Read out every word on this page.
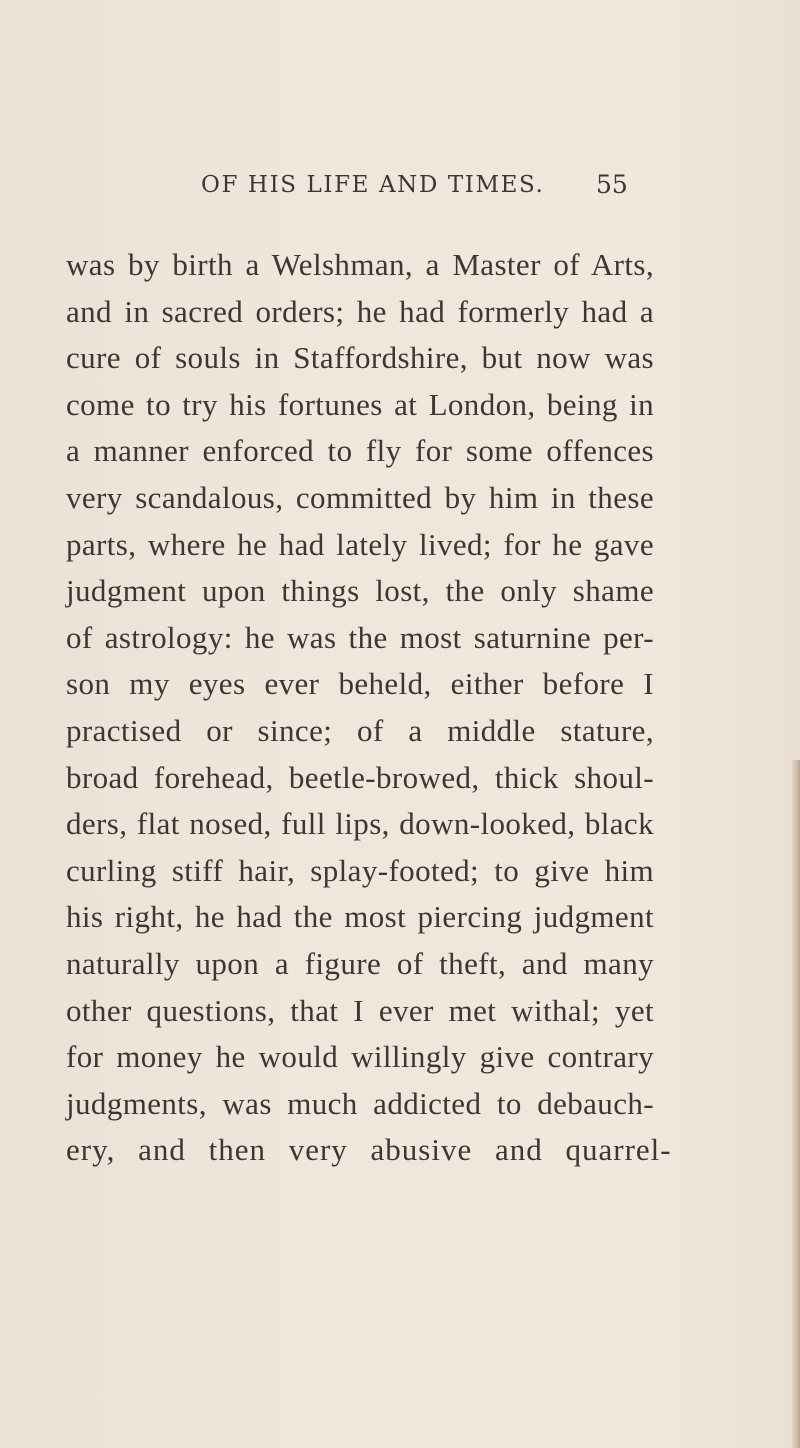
OF HIS LIFE AND TIMES. 55
was by birth a Welshman, a Master of Arts,
and in sacred orders; he had formerly had a
cure of souls in Staffordshire, but now was
come to try his fortunes at London, being in
a manner enforced to fly for some offences
very scandalous, committed by him in these
parts, where he had lately lived; for he gave
judgment upon things lost, the only shame
of astrology: he was the most saturnine per-
son my eyes ever beheld, either before I
practised or since; of a middle stature,
broad forehead, beetle-browed, thick shoul-
ders, flat nosed, full lips, down-looked, black
curling stiff hair, splay-footed; to give him
his right, he had the most piercing judgment
naturally upon a figure of theft, and many
other questions, that I ever met withal; yet
for money he would willingly give contrary
judgments, was much addicted to debauch-
ery, and then very abusive and quarrel-
